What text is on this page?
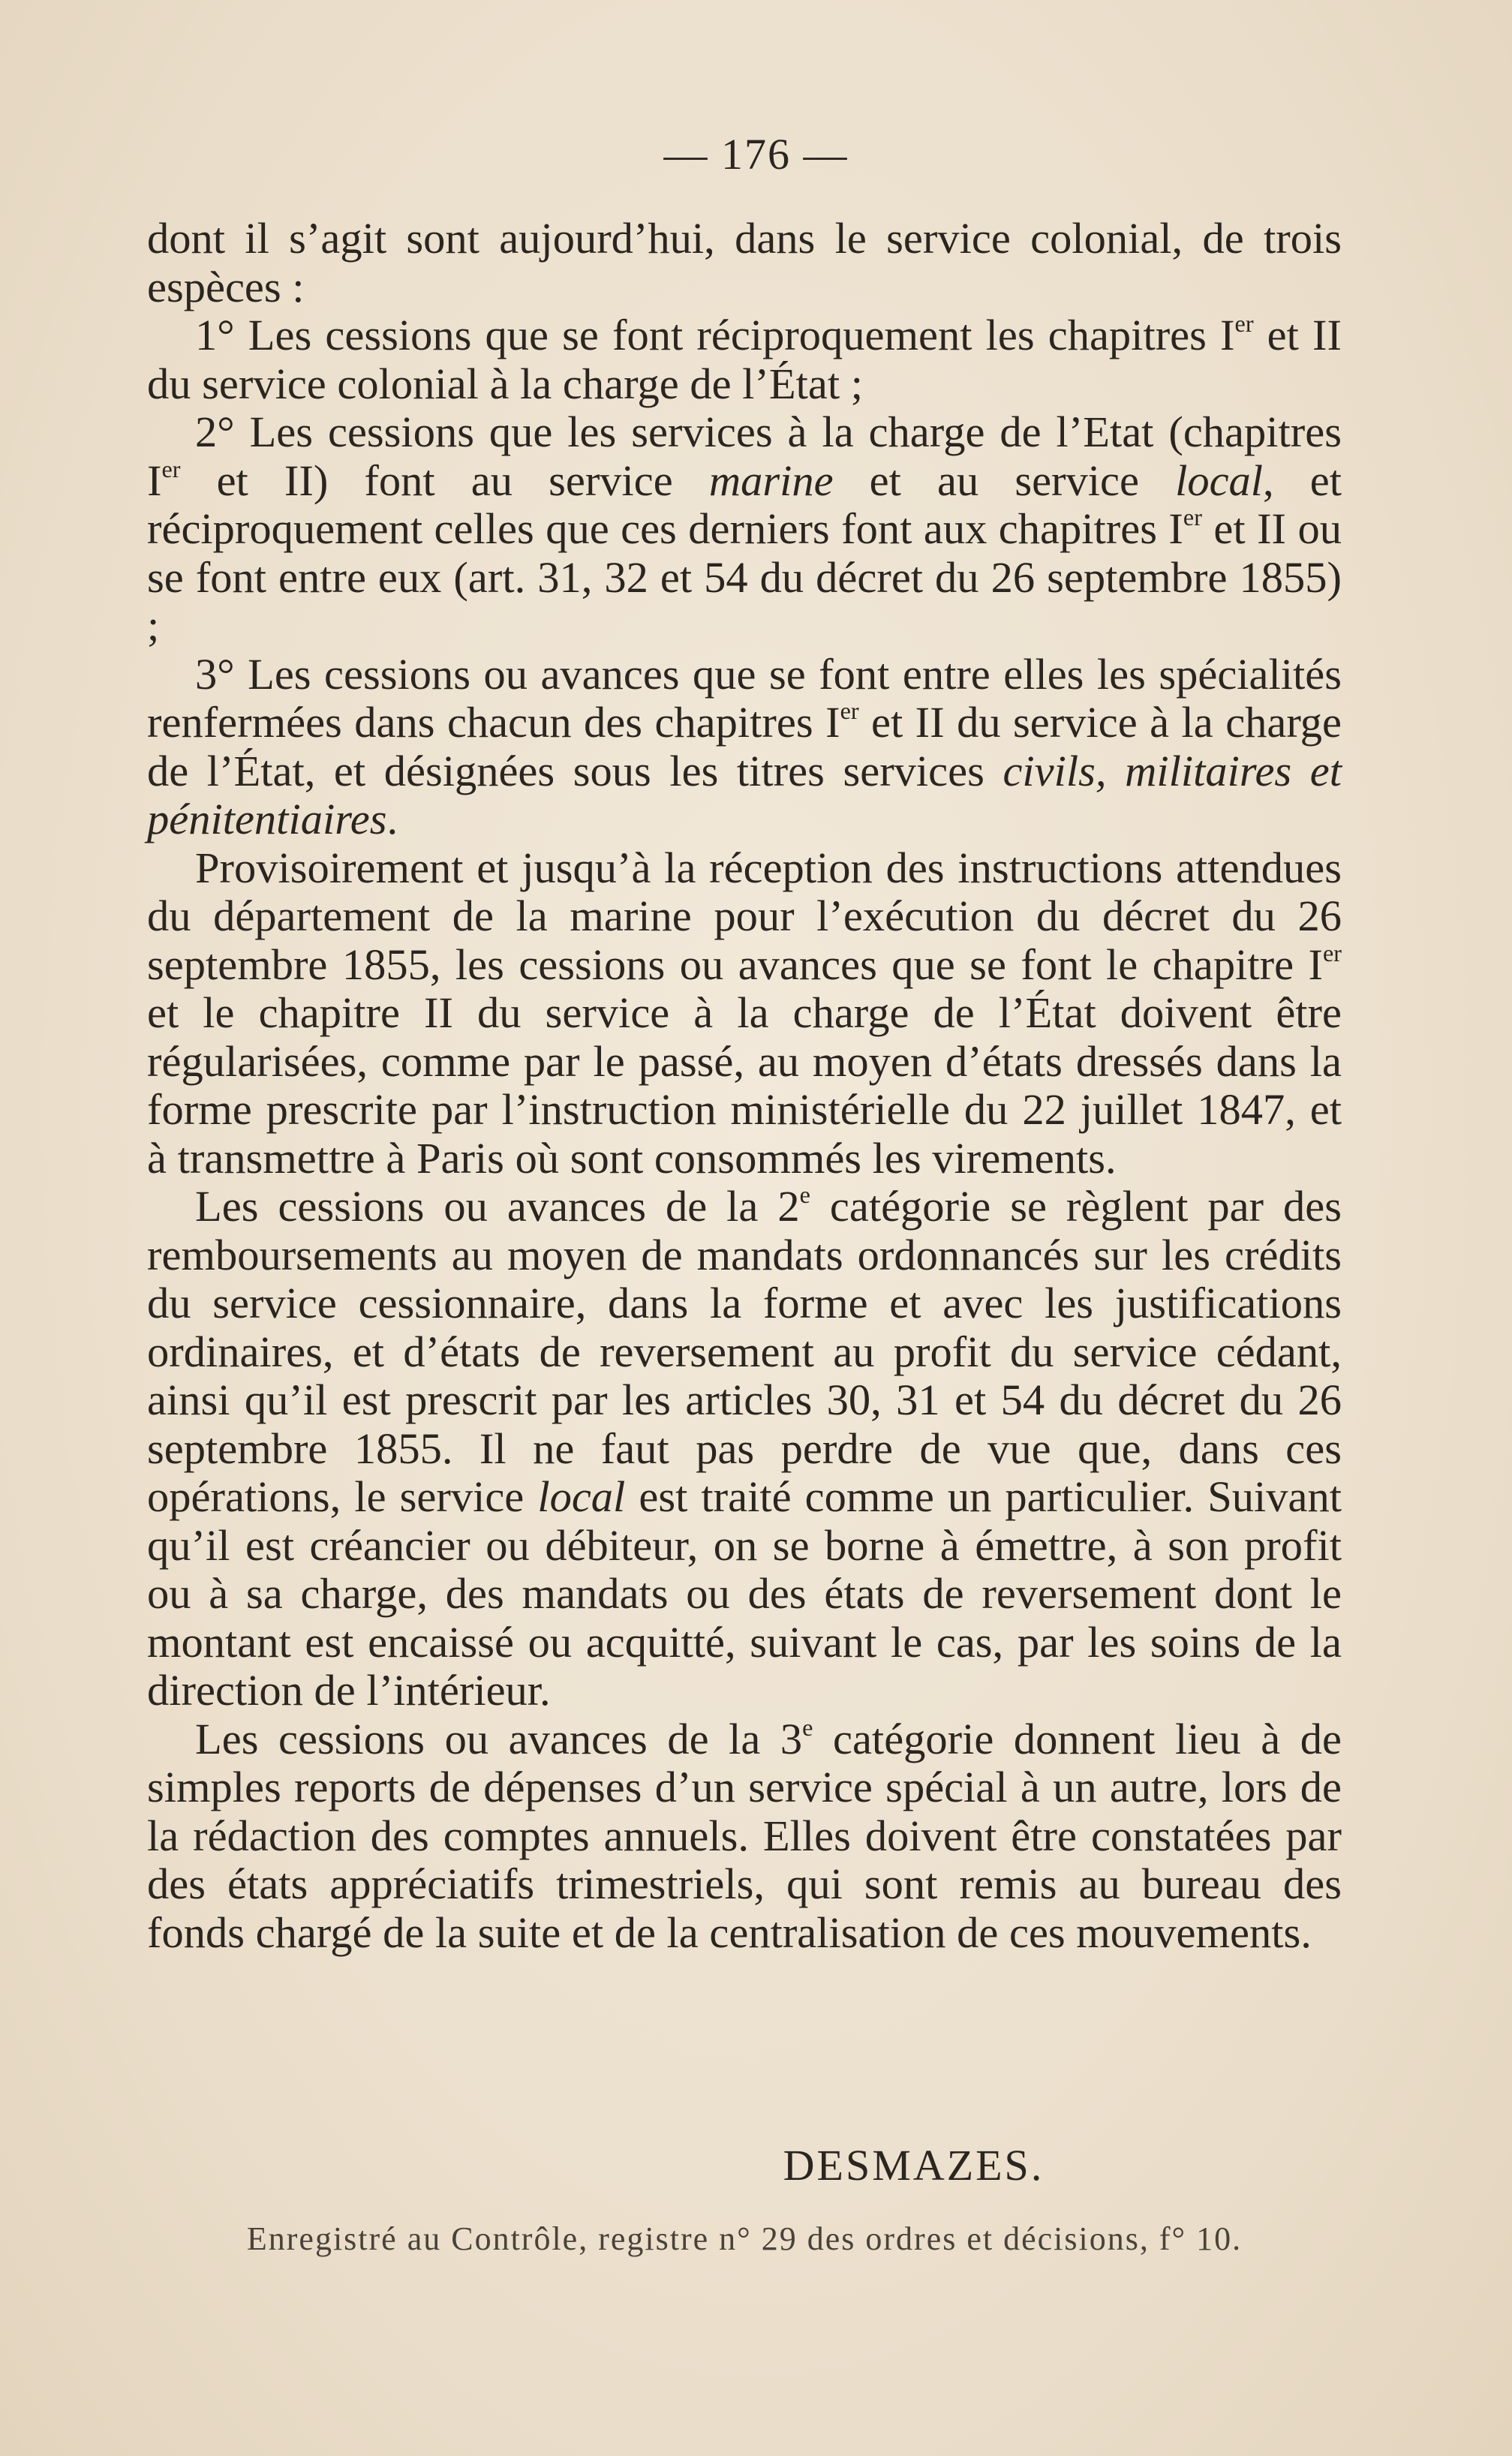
— 176 —

dont il s’agit sont aujourd’hui, dans le service colonial, de trois espèces :

1° Les cessions que se font réciproquement les chapitres Ier et II du service colonial à la charge de l’État ;

2° Les cessions que les services à la charge de l’Etat (chapitres Ier et II) font au service marine et au service local, et réciproquement celles que ces derniers font aux chapitres Ier et II ou se font entre eux (art. 31, 32 et 54 du décret du 26 septembre 1855) ;

3° Les cessions ou avances que se font entre elles les spécialités renfermées dans chacun des chapitres Ier et II du service à la charge de l’État, et désignées sous les titres services civils, militaires et pénitentiaires.

Provisoirement et jusqu’à la réception des instructions attendues du département de la marine pour l’exécution du décret du 26 septembre 1855, les cessions ou avances que se font le chapitre Ier et le chapitre II du service à la charge de l’État doivent être régularisées, comme par le passé, au moyen d’états dressés dans la forme prescrite par l’instruction ministérielle du 22 juillet 1847, et à transmettre à Paris où sont consommés les virements.

Les cessions ou avances de la 2e catégorie se règlent par des remboursements au moyen de mandats ordonnancés sur les crédits du service cessionnaire, dans la forme et avec les justifications ordinaires, et d’états de reversement au profit du service cédant, ainsi qu’il est prescrit par les articles 30, 31 et 54 du décret du 26 septembre 1855. Il ne faut pas perdre de vue que, dans ces opérations, le service local est traité comme un particulier. Suivant qu’il est créancier ou débiteur, on se borne à émettre, à son profit ou à sa charge, des mandats ou des états de reversement dont le montant est encaissé ou acquitté, suivant le cas, par les soins de la direction de l’intérieur.

Les cessions ou avances de la 3e catégorie donnent lieu à de simples reports de dépenses d’un service spécial à un autre, lors de la rédaction des comptes annuels. Elles doivent être constatées par des états appréciatifs trimestriels, qui sont remis au bureau des fonds chargé de la suite et de la centralisation de ces mouvements.

DESMAZES.
Enregistré au Contrôle, registre n° 29 des ordres et décisions, f° 10.
